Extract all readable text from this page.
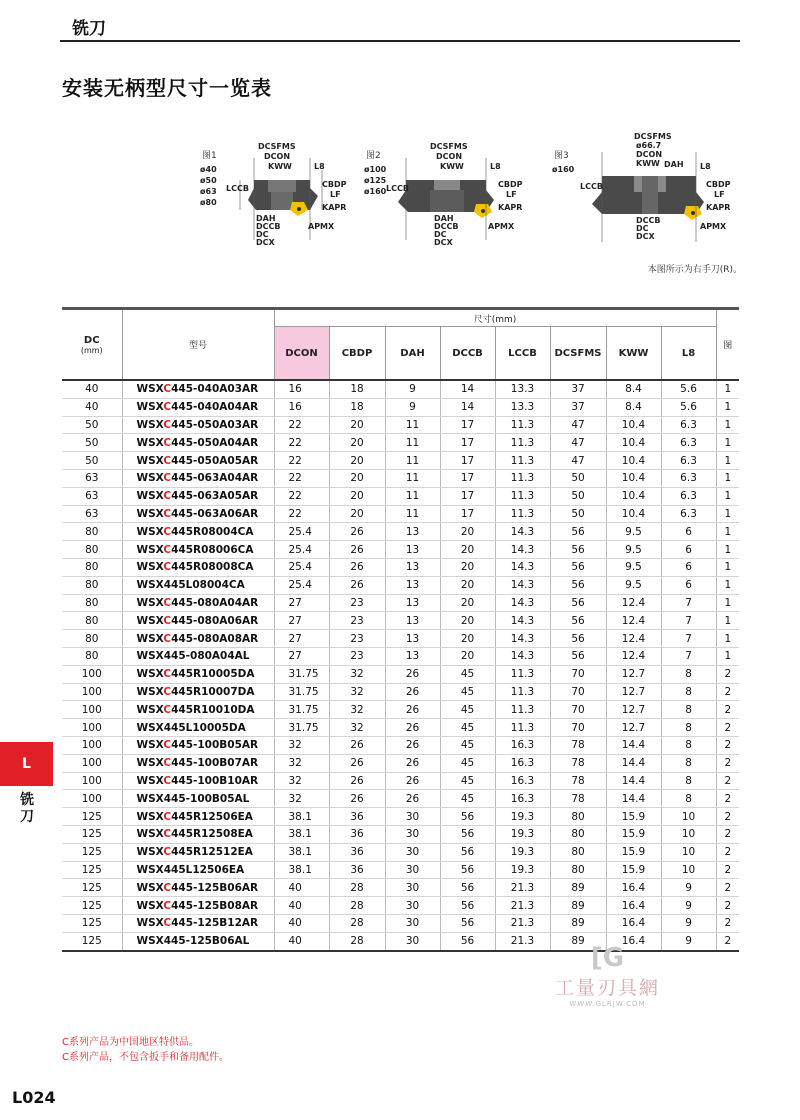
铣刀
安装无柄型尺寸一览表
图1
ø40
ø50
ø63
ø80
DCSFMS
DCON
KWW	L8
LCCB	CBDP
LF
KAPR
DAH
DCCB
DC
DCX
APMX
图2
ø100
ø125
ø160
DCSFMS
DCON
KWW	L8
LCCB	CBDP
LF
KAPR
DAH
DCCB
DC
DCX
APMX
图3
ø160
DCSFMS
ø66.7
DCON
KWW DAH L8
LCCB	CBDP
LF
KAPR
DCCB
DC
DCX
APMX
本图所示为右手刀(R)。
DC
(mm)	型号	尺寸(mm)								图
		DCON	CBDP	DAH	DCCB	LCCB	DCSFMS	KWW	L8	
40	WSXC445-040A03AR	16	18	9	14	13.3	37	8.4	5.6	1
40	WSXC445-040A04AR	16	18	9	14	13.3	37	8.4	5.6	1
50	WSXC445-050A03AR	22	20	11	17	11.3	47	10.4	6.3	1
50	WSXC445-050A04AR	22	20	11	17	11.3	47	10.4	6.3	1
50	WSXC445-050A05AR	22	20	11	17	11.3	47	10.4	6.3	1
63	WSXC445-063A04AR	22	20	11	17	11.3	50	10.4	6.3	1
63	WSXC445-063A05AR	22	20	11	17	11.3	50	10.4	6.3	1
63	WSXC445-063A06AR	22	20	11	17	11.3	50	10.4	6.3	1
80	WSXC445R08004CA	25.4	26	13	20	14.3	56	9.5	6	1
80	WSXC445R08006CA	25.4	26	13	20	14.3	56	9.5	6	1
80	WSXC445R08008CA	25.4	26	13	20	14.3	56	9.5	6	1
80	WSX445L08004CA	25.4	26	13	20	14.3	56	9.5	6	1
80	WSXC445-080A04AR	27	23	13	20	14.3	56	12.4	7	1
80	WSXC445-080A06AR	27	23	13	20	14.3	56	12.4	7	1
80	WSXC445-080A08AR	27	23	13	20	14.3	56	12.4	7	1
80	WSX445-080A04AL	27	23	13	20	14.3	56	12.4	7	1
100	WSXC445R10005DA	31.75	32	26	45	11.3	70	12.7	8	2
100	WSXC445R10007DA	31.75	32	26	45	11.3	70	12.7	8	2
100	WSXC445R10010DA	31.75	32	26	45	11.3	70	12.7	8	2
100	WSX445L10005DA	31.75	32	26	45	11.3	70	12.7	8	2
100	WSXC445-100B05AR	32	26	26	45	16.3	78	14.4	8	2
100	WSXC445-100B07AR	32	26	26	45	16.3	78	14.4	8	2
100	WSXC445-100B10AR	32	26	26	45	16.3	78	14.4	8	2
100	WSX445-100B05AL	32	26	26	45	16.3	78	14.4	8	2
125	WSXC445R12506EA	38.1	36	30	56	19.3	80	15.9	10	2
125	WSXC445R12508EA	38.1	36	30	56	19.3	80	15.9	10	2
125	WSXC445R12512EA	38.1	36	30	56	19.3	80	15.9	10	2
125	WSX445L12506EA	38.1	36	30	56	19.3	80	15.9	10	2
125	WSXC445-125B06AR	40	28	30	56	21.3	89	16.4	9	2
125	WSXC445-125B08AR	40	28	30	56	21.3	89	16.4	9	2
125	WSXC445-125B12AR	40	28	30	56	21.3	89	16.4	9	2
125	WSX445-125B06AL	40	28	30	56	21.3	89	16.4	9	2
L
铣刀
[G
工量刃具網
WWW.GLRJW.COM
C系列产品为中国地区特供品。
C系列产品，不包含扳手和备用配件。
L024
